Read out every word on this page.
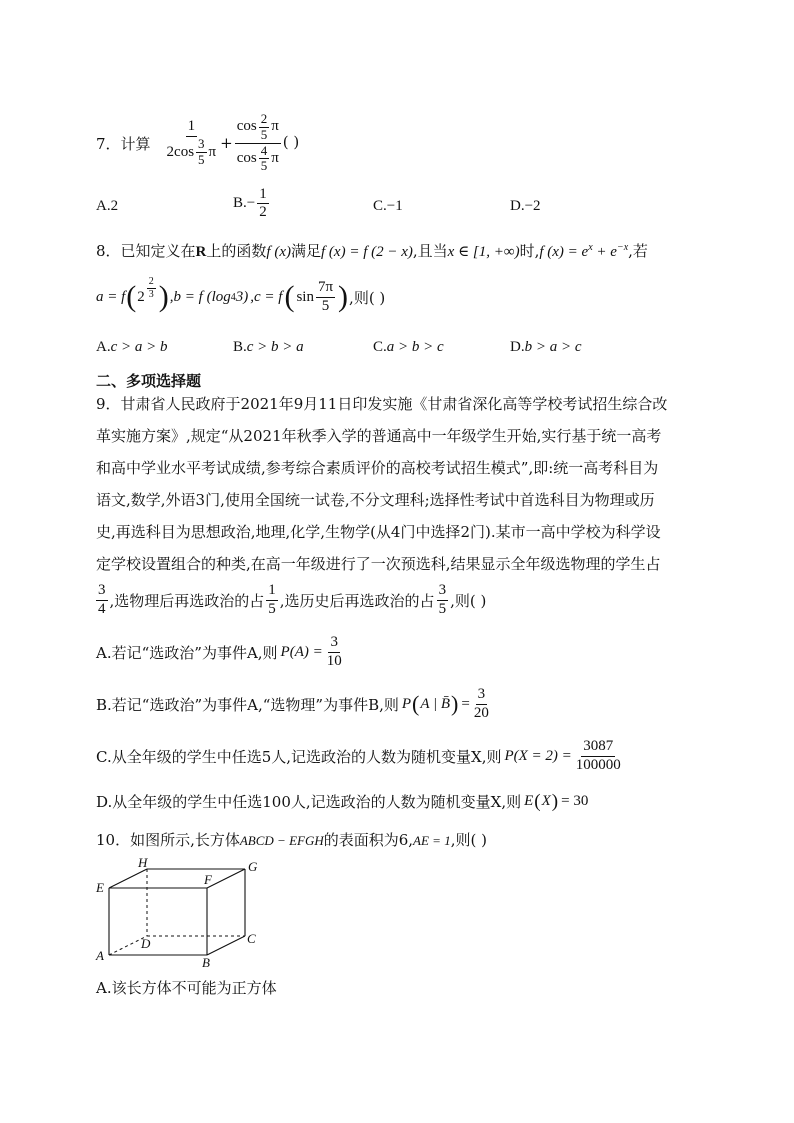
7．计算 $\frac{1}{2\cos \frac{3}{5} \pi} + \frac{\cos \frac{2}{5} \pi}{\cos \frac{4}{5} \pi}$ ( )
A.2	B. − $\frac{1}{2}$	C.−1	D.−2
8．已知定义在R上的函数f (x)满足f (x) = f (2 − x),且当x ∈ [1, +∞)时,f $(x) = e^x + e^{-x}$,若
a = f ( $2 \frac{2}{3}$ ) ,b = f (log 4 3) ,c = f ( $\sin \frac{7\pi}{5}$ ) ,则( )
A.c > a > b	B.c > b > a	C.a > b > c	D.b > a > c
二、多项选择题
9．甘肃省人民政府于2021年9月11日印发实施《甘肃省深化高等学校考试招生综合改
革实施方案》,规定“从2021年秋季入学的普通高中一年级学生开始,实行基于统一高考
和高中学业水平考试成绩,参考综合素质评价的高校考试招生模式”,即:统一高考科目为
语文,数学,外语3门,使用全国统一试卷,不分文理科;选择性考试中首选科目为物理或历
史,再选科目为思想政治,地理,化学,生物学(从4门中选择2门).某市一高中学校为科学设
定学校设置组合的种类,在高一年级进行了一次预选科,结果显示全年级选物理的学生占
$\frac{3}{4}$ ,选物理后再选政治的占 $\frac{1}{5}$ ,选历史后再选政治的占 $\frac{3}{5}$ ,则( )
A.若记“选政治”为事件A,则 $P(A) = \frac{3}{10}$
B.若记“选政治”为事件A,“选物理”为事件B,则 P ( A | B̄ ) = $\frac{3}{20}$
C.从全年级的学生中任选5人,记选政治的人数为随机变量X,则 $P(X = 2) = \frac{3087}{100000}$
D.从全年级的学生中任选100人,记选政治的人数为随机变量X,则 E ( X ) = 30
10．如图所示,长方体ABCD − EFGH的表面积为6,AE = 1,则( )
H	G
E
F
D	C
A	B
A.该长方体不可能为正方体
